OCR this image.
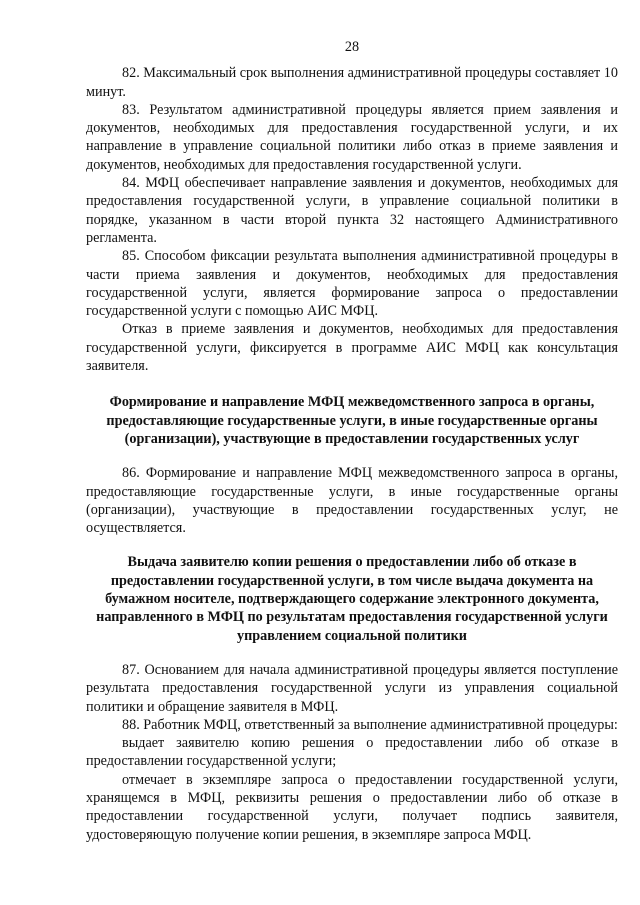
28

82. Максимальный срок выполнения административной процедуры составляет 10 минут.

83. Результатом административной процедуры является прием заявления и документов, необходимых для предоставления государственной услуги, и их направление в управление социальной политики либо отказ в приеме заявления и документов, необходимых для предоставления государственной услуги.

84. МФЦ обеспечивает направление заявления и документов, необходимых для предоставления государственной услуги, в управление социальной политики в порядке, указанном в части второй пункта 32 настоящего Административного регламента.

85. Способом фиксации результата выполнения административной процедуры в части приема заявления и документов, необходимых для предоставления государственной услуги, является формирование запроса о предоставлении государственной услуги с помощью АИС МФЦ.

Отказ в приеме заявления и документов, необходимых для предоставления государственной услуги, фиксируется в программе АИС МФЦ как консультация заявителя.

Формирование и направление МФЦ межведомственного запроса в органы, предоставляющие государственные услуги, в иные государственные органы (организации), участвующие в предоставлении государственных услуг

86. Формирование и направление МФЦ межведомственного запроса в органы, предоставляющие государственные услуги, в иные государственные органы (организации), участвующие в предоставлении государственных услуг, не осуществляется.

Выдача заявителю копии решения о предоставлении либо об отказе в предоставлении государственной услуги, в том числе выдача документа на бумажном носителе, подтверждающего содержание электронного документа, направленного в МФЦ по результатам предоставления государственной услуги управлением социальной политики

87. Основанием для начала административной процедуры является поступление результата предоставления государственной услуги из управления социальной политики и обращение заявителя в МФЦ.

88. Работник МФЦ, ответственный за выполнение административной процедуры:

выдает заявителю копию решения о предоставлении либо об отказе в предоставлении государственной услуги;

отмечает в экземпляре запроса о предоставлении государственной услуги, хранящемся в МФЦ, реквизиты решения о предоставлении либо об отказе в предоставлении государственной услуги, получает подпись заявителя, удостоверяющую получение копии решения, в экземпляре запроса МФЦ.
